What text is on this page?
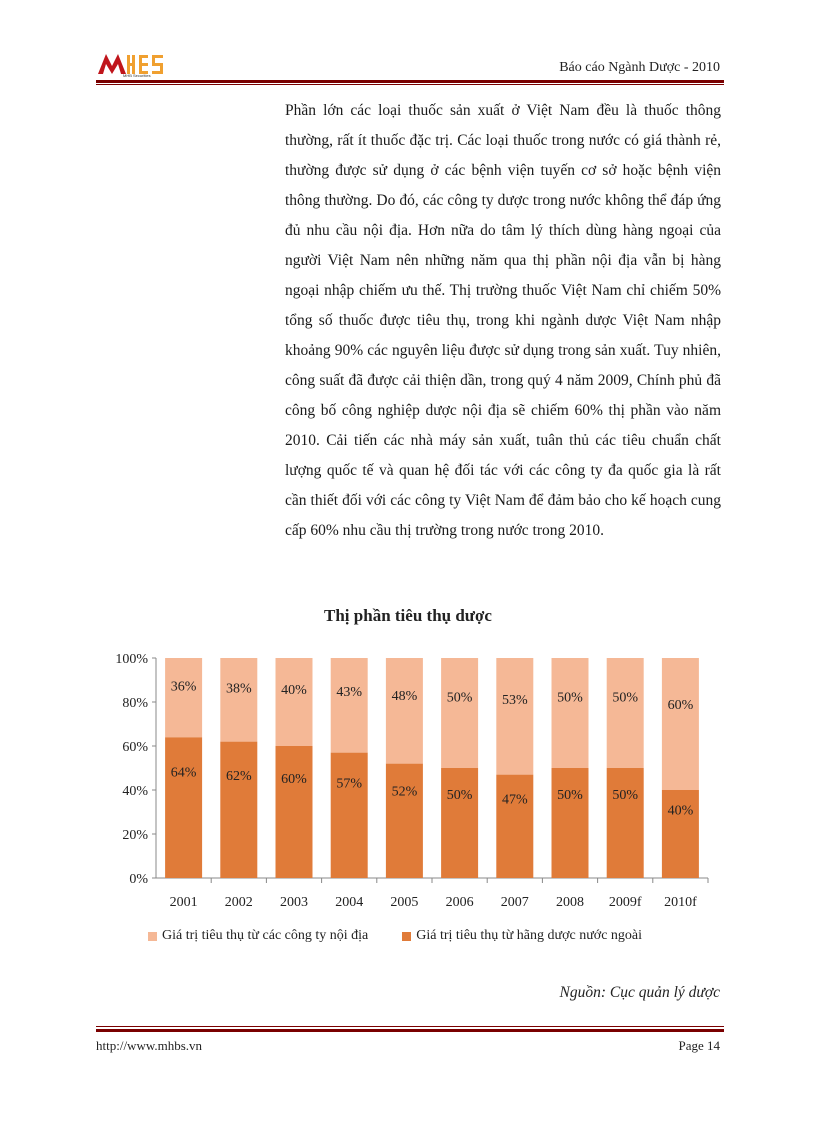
MHB Securities
Báo cáo Ngành Dược - 2010
Phần lớn các loại thuốc sản xuất ở Việt Nam đều là thuốc thông thường, rất ít thuốc đặc trị. Các loại thuốc trong nước có giá thành rẻ, thường được sử dụng ở các bệnh viện tuyến cơ sở hoặc bệnh viện thông thường. Do đó, các công ty dược trong nước không thể đáp ứng đủ nhu cầu nội địa. Hơn nữa do tâm lý thích dùng hàng ngoại của người Việt Nam nên những năm qua thị phần nội địa vẫn bị hàng ngoại nhập chiếm ưu thế. Thị trường thuốc Việt Nam chỉ chiếm 50% tổng số thuốc được tiêu thụ, trong khi ngành dược Việt Nam nhập khoảng 90% các nguyên liệu được sử dụng trong sản xuất. Tuy nhiên, công suất đã được cải thiện dần, trong quý 4 năm 2009, Chính phủ đã công bố công nghiệp dược nội địa sẽ chiếm 60% thị phần vào năm 2010. Cải tiến các nhà máy sản xuất, tuân thủ các tiêu chuẩn chất lượng quốc tế và quan hệ đối tác với các công ty đa quốc gia là rất cần thiết đối với các công ty Việt Nam để đảm bảo cho kế hoạch cung cấp 60% nhu cầu thị trường trong nước trong 2010.
Thị phần tiêu thụ dược
0%
20%
40%
60%
80%
100%
64%
36%
2001
62%
38%
2002
60%
40%
2003
57%
43%
2004
52%
48%
2005
50%
50%
2006
47%
53%
2007
50%
50%
2008
50%
50%
2009f
40%
60%
2010f
Giá trị tiêu thụ từ các công ty nội địa	Giá trị tiêu thụ từ hãng dược nước ngoài
Nguồn: Cục quản lý dược
http://www.mhbs.vn	Page 14
